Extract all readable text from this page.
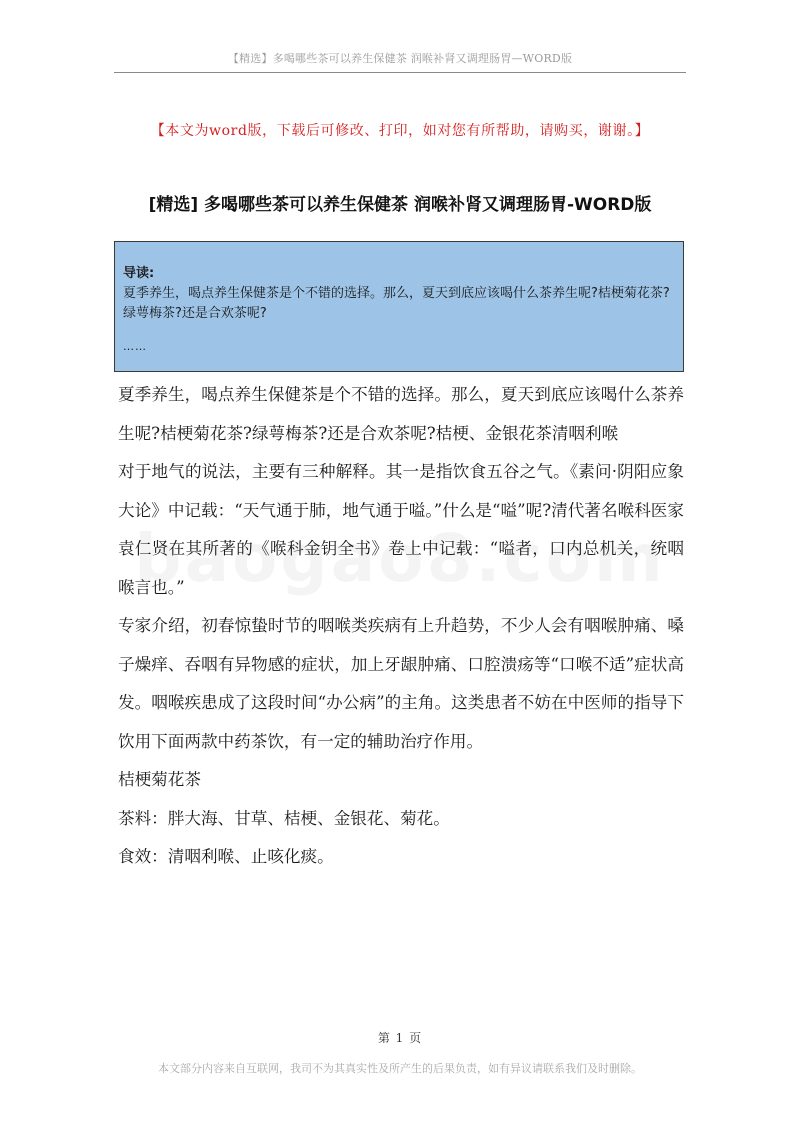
【精选】多喝哪些茶可以养生保健茶 润喉补肾又调理肠胃—WORD版
【本文为word版，下载后可修改、打印，如对您有所帮助，请购买，谢谢。】
[精选] 多喝哪些茶可以养生保健茶 润喉补肾又调理肠胃-WORD版
导读:
夏季养生，喝点养生保健茶是个不错的选择。那么，夏天到底应该喝什么茶养生呢?桔梗菊花茶?绿萼梅茶?还是合欢茶呢?
……

夏季养生，喝点养生保健茶是个不错的选择。那么，夏天到底应该喝什么茶养生呢?桔梗菊花茶?绿萼梅茶?还是合欢茶呢?桔梗、金银花茶清咽利喉

对于地气的说法，主要有三种解释。其一是指饮食五谷之气。《素问·阴阳应象大论》中记载：“天气通于肺，地气通于嗌。”什么是“嗌”呢?清代著名喉科医家袁仁贤在其所著的《喉科金钥全书》卷上中记载：“嗌者，口内总机关，统咽喉言也。”

专家介绍，初春惊蛰时节的咽喉类疾病有上升趋势，不少人会有咽喉肿痛、嗓子燥痒、吞咽有异物感的症状，加上牙龈肿痛、口腔溃疡等“口喉不适”症状高发。咽喉疾患成了这段时间“办公病”的主角。这类患者不妨在中医师的指导下饮用下面两款中药茶饮，有一定的辅助治疗作用。

桔梗菊花茶

茶料：胖大海、甘草、桔梗、金银花、菊花。

食效：清咽利喉、止咳化痰。

第 1 页
本文部分内容来自互联网，我司不为其真实性及所产生的后果负责，如有异议请联系我们及时删除。
